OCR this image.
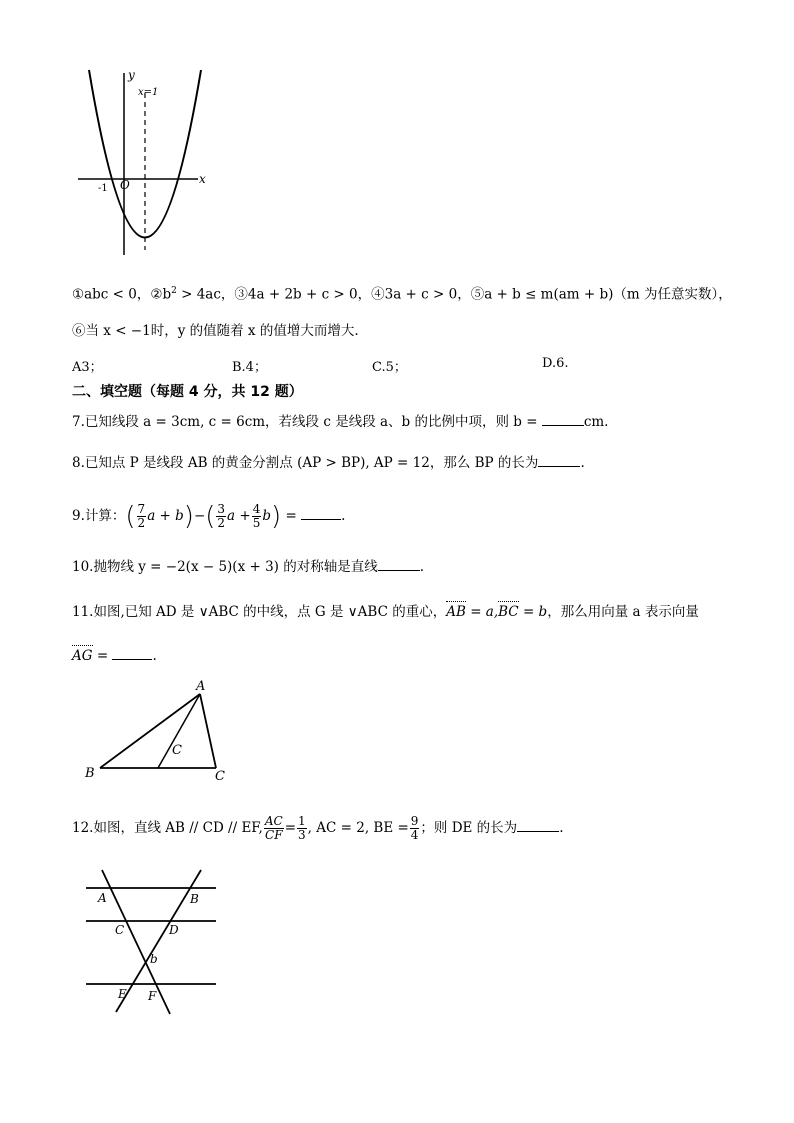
y
x
x=1
O
-1
①abc < 0，$②b^2 > 4ac$，③4a + 2b + c > 0，④3a + c > 0，⑤a + b ≤ m(am + b)（m 为任意实数），
⑥当 x < −1时，y 的值随着 x 的值增大而增大.
A3；	B.4；	C.5；	D.6.
二、填空题（每题 4 分，共 12 题）
7.已知线段 a = 3cm, c = 6cm，若线段 c 是线段 a、b 的比例中项，则 b =	cm.
8.已知点 P 是线段 AB 的黄金分割点 (AP > BP), AP = 12，那么 BP 的长为	.
9.计算：( $\frac{7}{2}$ $a + b)-( \frac{3}{2}$ $a + \frac{4}{5} b$) =	.
10.抛物线 y = −2(x − 5)(x + 3) 的对称轴是直线	.
11.如图,已知 AD 是 ∨ABC 的中线，点 G 是 ∨ABC 的重心，AB = a,BC = b，那么用向量 a 表示向量
AG =	.
A
B	C
C
12.如图，直线 AB // CD // EF, $\frac{AC}{CF} = \frac{1}{3}$ , AC = 2, BE = $\frac{9}{4}$ ；则 DE 的长为	.
A	B
C	D
b
E F
